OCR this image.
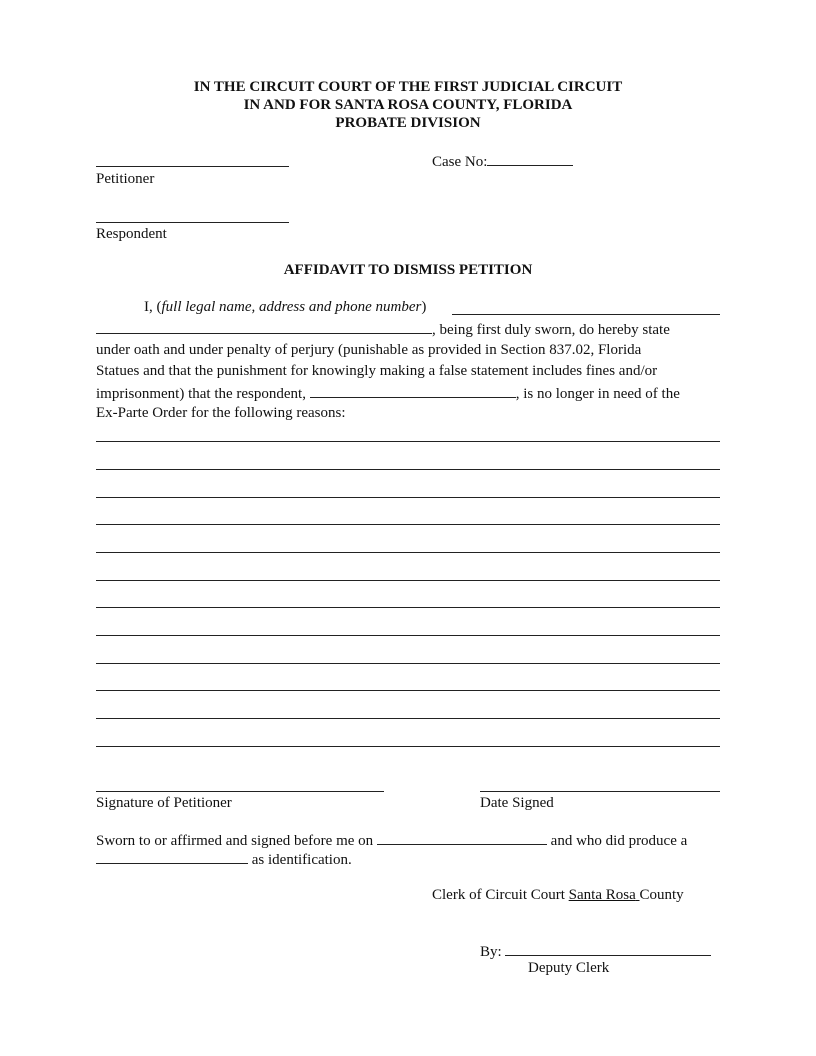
IN THE CIRCUIT COURT OF THE FIRST JUDICIAL CIRCUIT
IN AND FOR SANTA ROSA COUNTY, FLORIDA
PROBATE DIVISION
Petitioner
Case No:
Respondent
AFFIDAVIT TO DISMISS PETITION
I, (full legal name, address and phone number)
, being first duly sworn, do hereby state
under oath and under penalty of perjury (punishable as provided in Section 837.02, Florida
Statues and that the punishment for knowingly making a false statement includes fines and/or
imprisonment) that the respondent,	, is no longer in need of the
Ex-Parte Order for the following reasons:
Signature of Petitioner	Date Signed
Sworn to or affirmed and signed before me on	and who did produce a
as identification.
Clerk of Circuit Court Santa Rosa County
By:
Deputy Clerk
